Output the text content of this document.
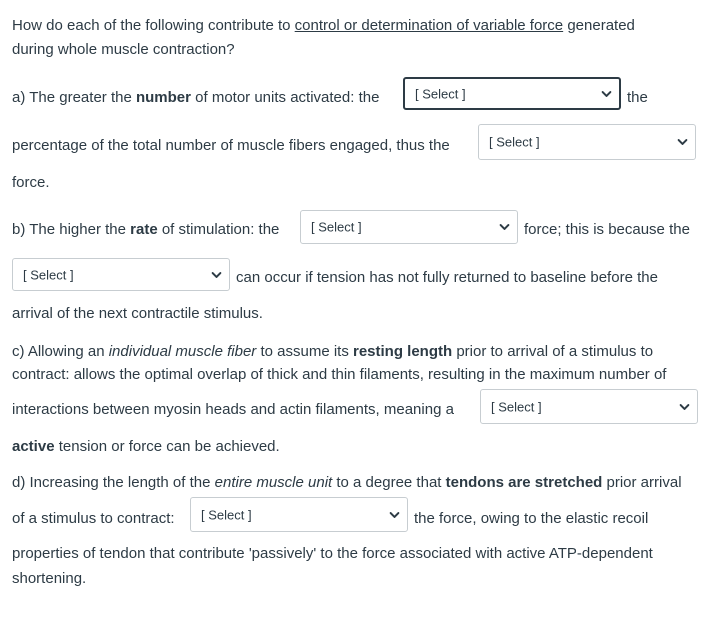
How do each of the following contribute to control or determination of variable force generated
during whole muscle contraction?
a) The greater the number of motor units activated: the	[ Select ]	the
percentage of the total number of muscle fibers engaged, thus the	[ Select ]
force.
b) The higher the rate of stimulation: the [ Select ]	force; this is because the
[ Select ]	can occur if tension has not fully returned to baseline before the
arrival of the next contractile stimulus.
c) Allowing an individual muscle fiber to assume its resting length prior to arrival of a stimulus to
contract: allows the optimal overlap of thick and thin filaments, resulting in the maximum number of
interactions between myosin heads and actin filaments, meaning a	[ Select ]
active tension or force can be achieved.
d) Increasing the length of the entire muscle unit to a degree that tendons are stretched prior arrival
of a stimulus to contract: [ Select ]	the force, owing to the elastic recoil
properties of tendon that contribute 'passively' to the force associated with active ATP-dependent
shortening.
